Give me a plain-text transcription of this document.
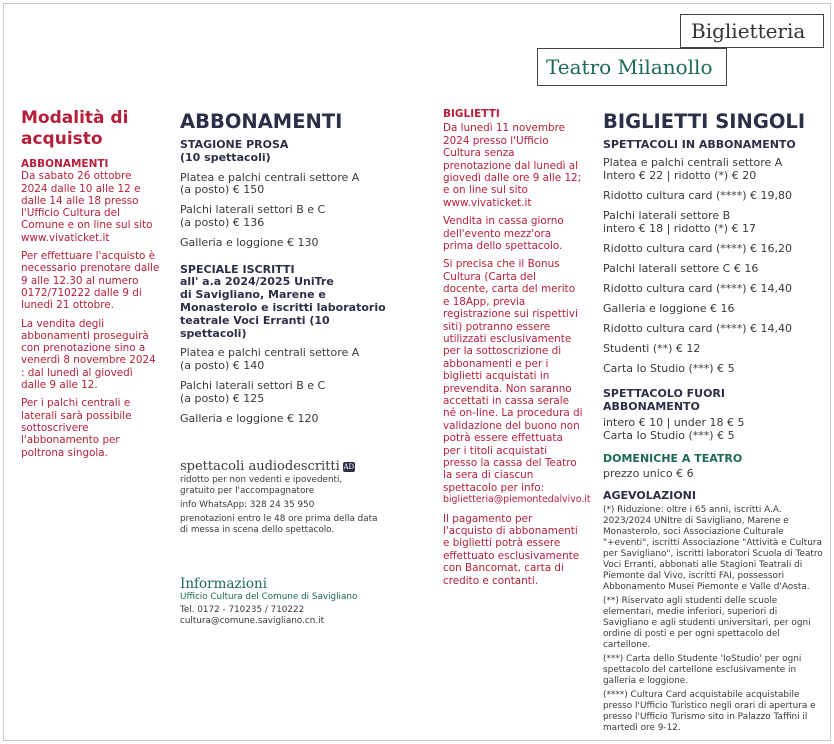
Biglietteria
Teatro Milanollo

Modalità di acquisto

ABBONAMENTI

Da sabato 26 ottobre 2024 dalle 10 alle 12 e dalle 14 alle 18 presso l'Ufficio Cultura del Comune e on line sul sito www.vivaticket.it

Per effettuare l'acquisto è necessario prenotare dalle 9 alle 12.30 al numero 0172/710222 dalle 9 di lunedì 21 ottobre.

La vendita degli abbonamenti proseguirà con prenotazione sino a venerdì 8 novembre 2024 : dal lunedì al giovedì dalle 9 alle 12.

Per i palchi centrali e laterali sarà possibile sottoscrivere l'abbonamento per poltrona singola.

ABBONAMENTI

STAGIONE PROSA

(10 spettacoli)

Platea e palchi centrali settore A

(a posto) € 150

Palchi laterali settori B e C

(a posto) € 136

Galleria e loggione € 130

SPECIALE ISCRITTI

all' a.a 2024/2025 UniTre

di Savigliano, Marene e

Monasterolo e iscritti laboratorio

teatrale Voci Erranti (10 spettacoli)

Platea e palchi centrali settore A

(a posto) € 140

Palchi laterali settori B e C

(a posto) € 125

Galleria e loggione € 120

spettacoli audiodescritti AD

ridotto per non vedenti e ipovedenti,

gratuito per l'accompagnatore

info WhatsApp: 328 24 35 950

prenotazioni entro le 48 ore prima della data

di messa in scena dello spettacolo.

Informazioni

Ufficio Cultura del Comune di Savigliano

Tel. 0172 - 710235 / 710222

cultura@comune.savigliano.cn.it

BIGLIETTI

Da lunedì 11 novembre 2024 presso l'Ufficio Cultura senza prenotazione dal lunedì al giovedì dalle ore 9 alle 12; e on line sul sito www.vivaticket.it

Vendita in cassa giorno dell'evento mezz'ora prima dello spettacolo.

Si precisa che il Bonus Cultura (Carta del docente, carta del merito e 18App, previa registrazione sui rispettivi siti) potranno essere utilizzati esclusivamente per la sottoscrizione di abbonamenti e per i biglietti acquistati in prevendita. Non saranno accettati in cassa serale né on-line. La procedura di validazione del buono non potrà essere effettuata per i titoli acquistati presso la cassa del Teatro la sera di ciascun spettacolo per info:

biglietteria@piemontedalvivo.it

Il pagamento per l'acquisto di abbonamenti e biglietti potrà essere effettuato esclusivamente con Bancomat, carta di credito e contanti.

BIGLIETTI SINGOLI

SPETTACOLI IN ABBONAMENTO

Platea e palchi centrali settore A

Intero € 22 | ridotto (*) € 20

Ridotto cultura card (****) € 19,80

Palchi laterali settore B

intero € 18 | ridotto (*) € 17

Ridotto cultura card (****) € 16,20

Palchi laterali settore C € 16

Ridotto cultura card (****) € 14,40

Galleria e loggione € 16

Ridotto cultura card (****) € 14,40

Studenti (**) € 12

Carta Io Studio (***) € 5

SPETTACOLO FUORI ABBONAMENTO

intero € 10 | under 18 € 5

Carta Io Studio (***) € 5

DOMENICHE A TEATRO

prezzo unico € 6

AGEVOLAZIONI

(*) Riduzione: oltre i 65 anni, iscritti A.A. 2023/2024 UNItre di Savigliano, Marene e Monasterolo, soci Associazione Culturale "+eventi", iscritti Associazione "Attività e Cultura per Savigliano", iscritti laboratori Scuola di Teatro Voci Erranti, abbonati alle Stagioni Teatrali di Piemonte dal Vivo, iscritti FAI, possessori Abbonamento Musei Piemonte e Valle d'Aosta.

(**) Riservato agli studenti delle scuole elementari, medie inferiori, superiori di Savigliano e agli studenti universitari, per ogni ordine di posti e per ogni spettacolo del cartellone.

(***) Carta dello Studente 'IoStudio' per ogni spettacolo del cartellone esclusivamente in galleria e loggione.

(****) Cultura Card acquistabile acquistabile presso l'Ufficio Turistico negli orari di apertura e presso l'Ufficio Turismo sito in Palazzo Taffini il martedì ore 9-12.
